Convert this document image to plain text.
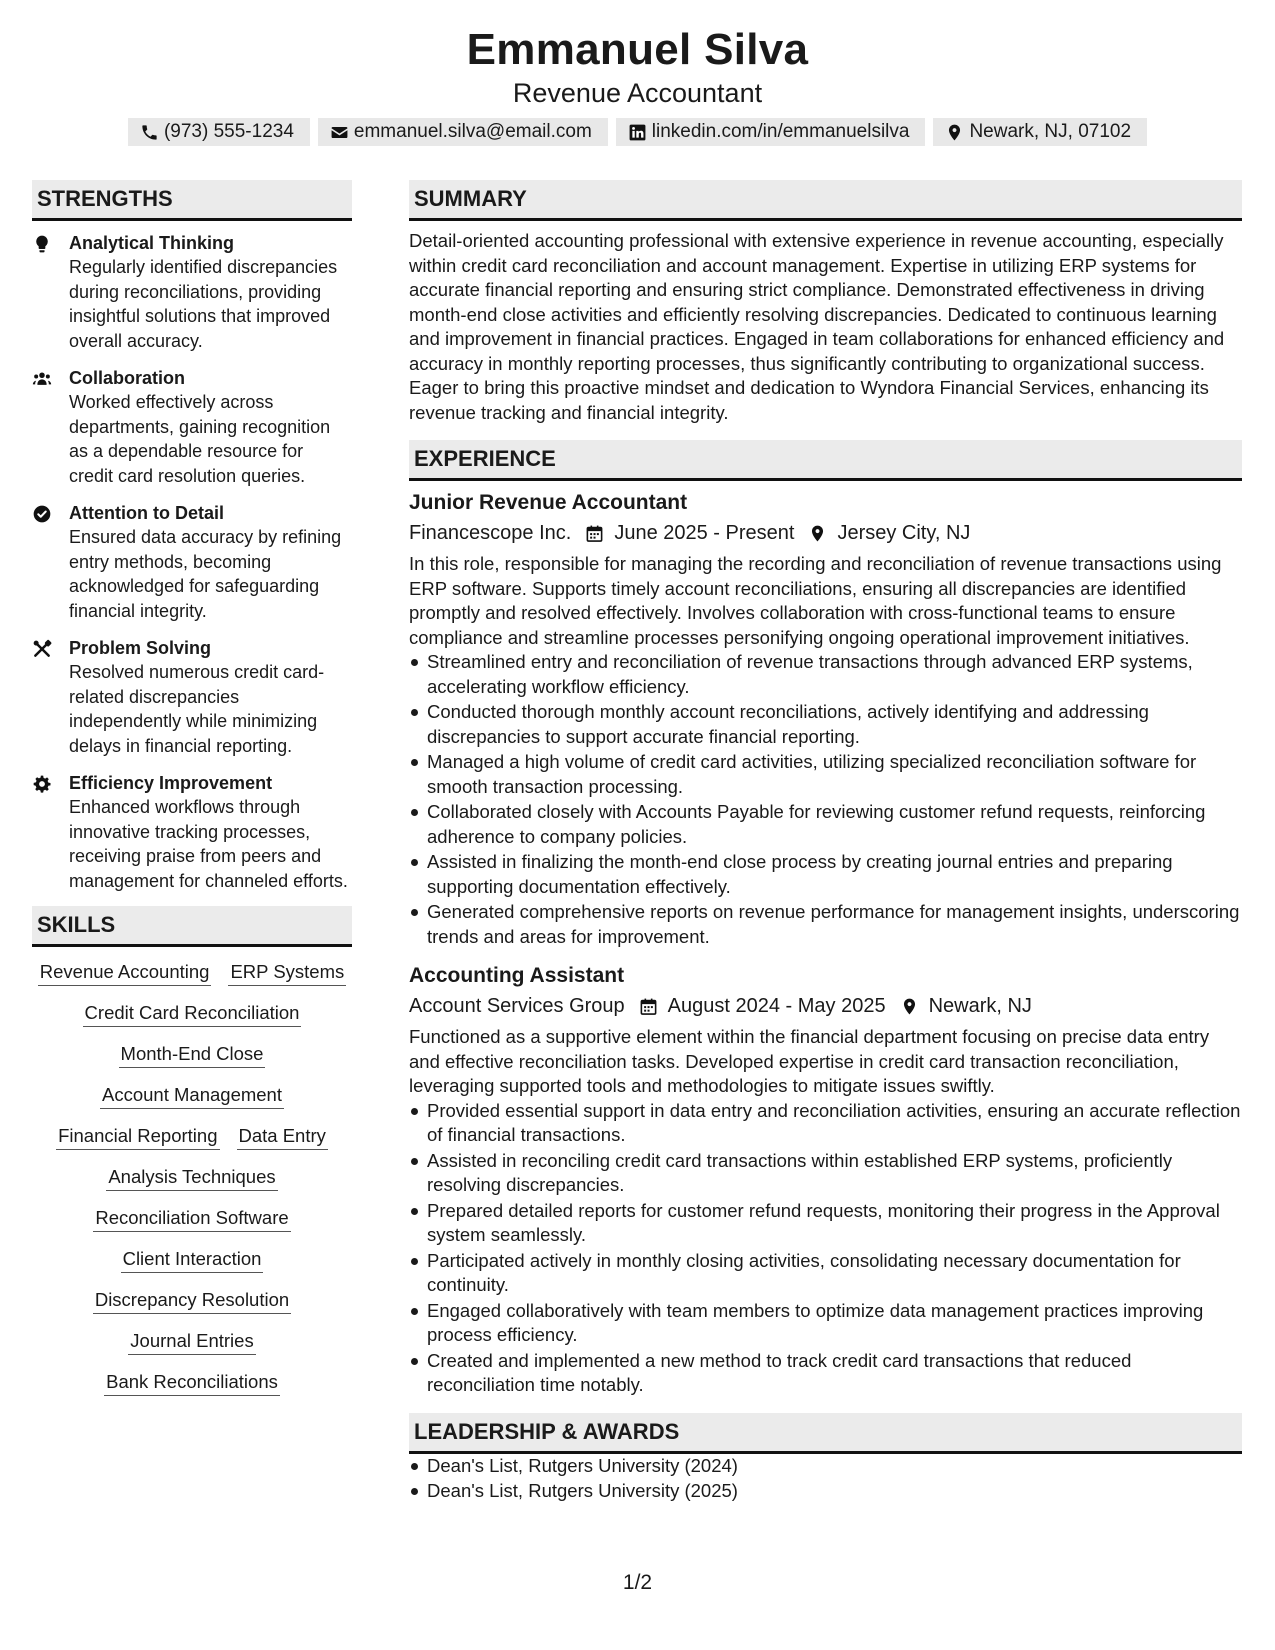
Emmanuel Silva
Revenue Accountant
(973) 555-1234	emmanuel.silva@email.com	linkedin.com/in/emmanuelsilva	Newark, NJ, 07102
STRENGTHS
Analytical Thinking
Regularly identified discrepancies during reconciliations, providing insightful solutions that improved overall accuracy.
Collaboration
Worked effectively across departments, gaining recognition as a dependable resource for credit card resolution queries.
Attention to Detail
Ensured data accuracy by refining entry methods, becoming acknowledged for safeguarding financial integrity.
Problem Solving
Resolved numerous credit card-related discrepancies independently while minimizing delays in financial reporting.
Efficiency Improvement
Enhanced workflows through innovative tracking processes, receiving praise from peers and management for channeled efforts.
SKILLS
Revenue Accounting ERP Systems
Credit Card Reconciliation
Month-End Close
Account Management
Financial Reporting Data Entry
Analysis Techniques
Reconciliation Software
Client Interaction
Discrepancy Resolution
Journal Entries
Bank Reconciliations
SUMMARY

Detail-oriented accounting professional with extensive experience in revenue accounting, especially within credit card reconciliation and account management. Expertise in utilizing ERP systems for accurate financial reporting and ensuring strict compliance. Demonstrated effectiveness in driving month-end close activities and efficiently resolving discrepancies. Dedicated to continuous learning and improvement in financial practices. Engaged in team collaborations for enhanced efficiency and accuracy in monthly reporting processes, thus significantly contributing to organizational success. Eager to bring this proactive mindset and dedication to Wyndora Financial Services, enhancing its revenue tracking and financial integrity.

EXPERIENCE
Junior Revenue Accountant
Financescope Inc. June 2025 - Present Jersey City, NJ

In this role, responsible for managing the recording and reconciliation of revenue transactions using ERP software. Supports timely account reconciliations, ensuring all discrepancies are identified promptly and resolved effectively. Involves collaboration with cross-functional teams to ensure compliance and streamline processes personifying ongoing operational improvement initiatives.

Streamlined entry and reconciliation of revenue transactions through advanced ERP systems, accelerating workflow efficiency.
Conducted thorough monthly account reconciliations, actively identifying and addressing discrepancies to support accurate financial reporting.
Managed a high volume of credit card activities, utilizing specialized reconciliation software for smooth transaction processing.
Collaborated closely with Accounts Payable for reviewing customer refund requests, reinforcing adherence to company policies.
Assisted in finalizing the month-end close process by creating journal entries and preparing supporting documentation effectively.
Generated comprehensive reports on revenue performance for management insights, underscoring trends and areas for improvement.
Accounting Assistant
Account Services Group August 2024 - May 2025 Newark, NJ

Functioned as a supportive element within the financial department focusing on precise data entry and effective reconciliation tasks. Developed expertise in credit card transaction reconciliation, leveraging supported tools and methodologies to mitigate issues swiftly.

Provided essential support in data entry and reconciliation activities, ensuring an accurate reflection of financial transactions.
Assisted in reconciling credit card transactions within established ERP systems, proficiently resolving discrepancies.
Prepared detailed reports for customer refund requests, monitoring their progress in the Approval system seamlessly.
Participated actively in monthly closing activities, consolidating necessary documentation for continuity.
Engaged collaboratively with team members to optimize data management practices improving process efficiency.
Created and implemented a new method to track credit card transactions that reduced reconciliation time notably.
LEADERSHIP & AWARDS
Dean's List, Rutgers University (2024)
Dean's List, Rutgers University (2025)
1/2
